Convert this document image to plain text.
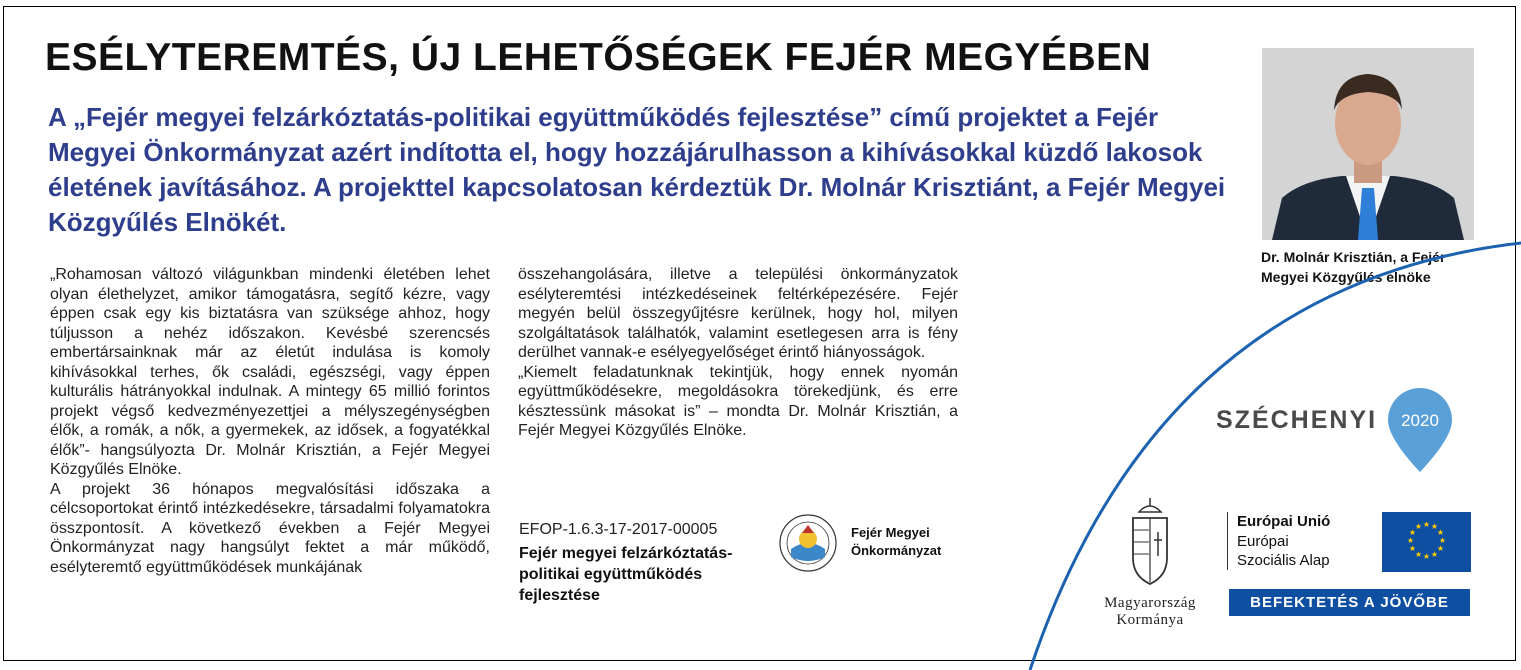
ESÉLYTEREMTÉS, ÚJ LEHETŐSÉGEK FEJÉR MEGYÉBEN
A „Fejér megyei felzárkóztatás-politikai együttműködés fejlesztése” című projektet a Fejér Megyei Önkormányzat azért indította el, hogy hozzájárulhasson a kihívásokkal küzdő lakosok életének javításához. A projekttel kapcsolatosan kérdeztük Dr. Molnár Krisztiánt, a Fejér Megyei Közgyűlés Elnökét.
Dr. Molnár Krisztián, a Fejér Megyei Közgyűlés elnöke

„Rohamosan változó világunkban mindenki életében lehet olyan élethelyzet, amikor támogatásra, segítő kézre, vagy éppen csak egy kis biztatásra van szüksége ahhoz, hogy túljusson a nehéz időszakon. Kevésbé szerencsés embertársainknak már az életút indulása is komoly kihívásokkal terhes, ők családi, egészségi, vagy éppen kulturális hátrányokkal indulnak. A mintegy 65 millió forintos projekt végső kedvezményezettjei a mélyszegénységben élők, a romák, a nők, a gyermekek, az idősek, a fogyatékkal élők”- hangsúlyozta Dr. Molnár Krisztián, a Fejér Megyei Közgyűlés Elnöke.

A projekt 36 hónapos megvalósítási időszaka a célcsoportokat érintő intézkedésekre, társadalmi folyamatokra összpontosít. A következő években a Fejér Megyei Önkormányzat nagy hangsúlyt fektet a már működő, esélyteremtő együttműködések munkájának

összehangolására, illetve a települési önkormányzatok esélyteremtési intézkedéseinek feltérképezésére. Fejér megyén belül összegyűjtésre kerülnek, hogy hol, milyen szolgáltatások találhatók, valamint esetlegesen arra is fény derülhet vannak-e esélyegyelőséget érintő hiányosságok.

„Kiemelt feladatunknak tekintjük, hogy ennek nyomán együttműködésekre, megoldásokra törekedjünk, és erre késztessünk másokat is” – mondta Dr. Molnár Krisztián, a Fejér Megyei Közgyűlés Elnöke.

EFOP-1.6.3-17-2017-00005
Fejér megyei felzárkóztatás-politikai együttműködés fejlesztése
Fejér Megyei Önkormányzat
SZÉCHENYI 2020
Magyarország
Kormánya
Európai Unió
Európai Szociális Alap
★ ★
★
★
★
★
★
★
★
★
★
★
BEFEKTETÉS A JÖVŐBE
